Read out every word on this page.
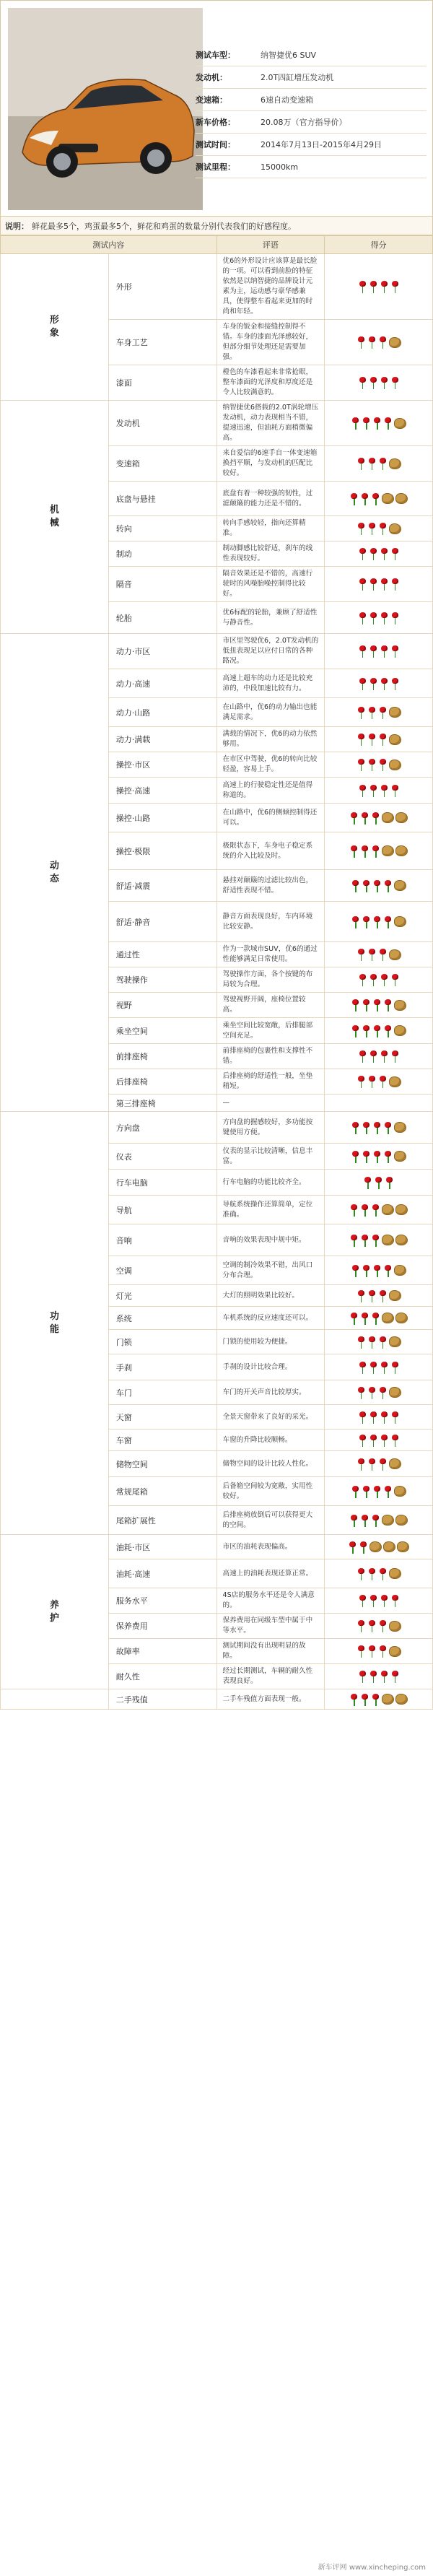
测试车型：	纳智捷优6 SUV
发动机：	2.0T四缸增压发动机
变速箱：	6速自动变速箱
新车价格：	20.08万（官方指导价）
测试时间：	2014年7月13日-2015年4月29日
测试里程：	15000km
说明： 鲜花最多5个，鸡蛋最多5个，鲜花和鸡蛋的数量分别代表我们的好感程度。
测试内容		评语	得分
形象	外形	优6的外形设计应该算是最长脸的一项。可以看到前脸的特征依然是以纳智捷的品牌设计元素为主，运动感与豪华感兼具，使得整车看起来更加的时尚和年轻。	
	车身工艺	车身的钣金和接缝控制得不错。车身的漆面光泽感较好，但部分细节处理还是需要加强。	
	漆面	橙色的车漆看起来非常抢眼，整车漆面的光泽度和厚度还是令人比较满意的。	
机械	发动机	纳智捷优6搭载的2.0T涡轮增压发动机，动力表现相当不错，提速迅速，但油耗方面稍微偏高。	
	变速箱	来自爱信的6速手自一体变速箱换挡平顺，与发动机的匹配比较好。	
	底盘与悬挂	底盘有着一种较强的韧性，过滤颠簸的能力还是不错的。	
	转向	转向手感较轻，指向还算精准。	
	制动	制动脚感比较舒适，刹车的线性表现较好。	
	隔音	隔音效果还是不错的，高速行驶时的风噪胎噪控制得比较好。	
	轮胎	优6标配的轮胎，兼顾了舒适性与静音性。	
动态	动力·市区	市区里驾驶优6，2.0T发动机的低扭表现足以应付日常的各种路况。	
	动力·高速	高速上超车的动力还是比较充沛的，中段加速比较有力。	
	动力·山路	在山路中，优6的动力输出也能满足需求。	
	动力·满载	满载的情况下，优6的动力依然够用。	
	操控·市区	在市区中驾驶，优6的转向比较轻盈，容易上手。	
	操控·高速	高速上的行驶稳定性还是值得称道的。	
	操控·山路	在山路中，优6的侧倾控制得还可以。	
	操控·极限	极限状态下，车身电子稳定系统的介入比较及时。	
	舒适·减震	悬挂对颠簸的过滤比较出色，舒适性表现不错。	
	舒适·静音	静音方面表现良好，车内环境比较安静。	
	通过性	作为一款城市SUV，优6的通过性能够满足日常使用。	
	驾驶操作	驾驶操作方面，各个按键的布局较为合理。	
	视野	驾驶视野开阔，座椅位置较高。	
	乘坐空间	乘坐空间比较宽敞，后排腿部空间充足。	
	前排座椅	前排座椅的包裹性和支撑性不错。	
	后排座椅	后排座椅的舒适性一般，坐垫稍短。	
	第三排座椅	—	
功能	方向盘	方向盘的握感较好，多功能按键使用方便。	
	仪表	仪表的显示比较清晰，信息丰富。	
	行车电脑	行车电脑的功能比较齐全。	
	导航	导航系统操作还算简单，定位准确。	
	音响	音响的效果表现中规中矩。	
	空调	空调的制冷效果不错，出风口分布合理。	
	灯光	大灯的照明效果比较好。	
	系统	车机系统的反应速度还可以。	
	门锁	门锁的使用较为便捷。	
	手刹	手刹的设计比较合理。	
	车门	车门的开关声音比较厚实。	
	天窗	全景天窗带来了良好的采光。	
	车窗	车窗的升降比较顺畅。	
	储物空间	储物空间的设计比较人性化。	
	常规尾箱	后备箱空间较为宽敞，实用性较好。	
	尾箱扩展性	后排座椅放倒后可以获得更大的空间。	
养护	油耗·市区	市区的油耗表现偏高。	
	油耗·高速	高速上的油耗表现还算正常。	
	服务水平	4S店的服务水平还是令人满意的。	
	保养费用	保养费用在同级车型中属于中等水平。	
	故障率	测试期间没有出现明显的故障。	
	耐久性	经过长期测试，车辆的耐久性表现良好。	
	二手残值	二手车残值方面表现一般。	
新车评网 www.xincheping.com
